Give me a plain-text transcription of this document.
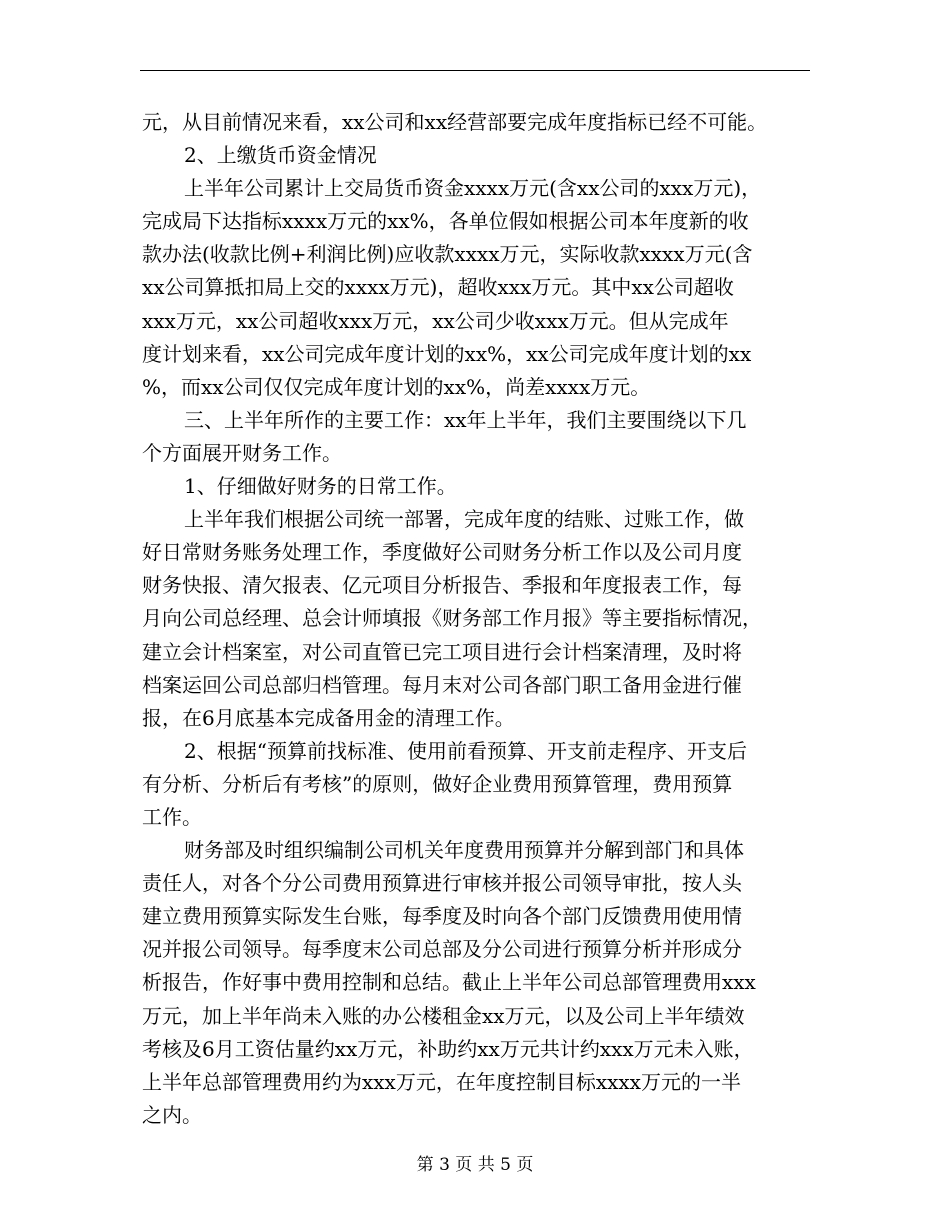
元，从目前情况来看，xx公司和xx经营部要完成年度指标已经不可能。
2、上缴货币资金情况
上半年公司累计上交局货币资金xxxx万元(含xx公司的xxx万元)，
完成局下达指标xxxx万元的xx%，各单位假如根据公司本年度新的收
款办法(收款比例+利润比例)应收款xxxx万元，实际收款xxxx万元(含
xx公司算抵扣局上交的xxxx万元)，超收xxx万元。其中xx公司超收
xxx万元，xx公司超收xxx万元，xx公司少收xxx万元。但从完成年
度计划来看，xx公司完成年度计划的xx%，xx公司完成年度计划的xx
%，而xx公司仅仅完成年度计划的xx%，尚差xxxx万元。
三、上半年所作的主要工作：xx年上半年，我们主要围绕以下几
个方面展开财务工作。
1、仔细做好财务的日常工作。
上半年我们根据公司统一部署，完成年度的结账、过账工作，做
好日常财务账务处理工作，季度做好公司财务分析工作以及公司月度
财务快报、清欠报表、亿元项目分析报告、季报和年度报表工作，每
月向公司总经理、总会计师填报《财务部工作月报》等主要指标情况，
建立会计档案室，对公司直管已完工项目进行会计档案清理，及时将
档案运回公司总部归档管理。每月末对公司各部门职工备用金进行催
报，在6月底基本完成备用金的清理工作。
2、根据“预算前找标准、使用前看预算、开支前走程序、开支后
有分析、分析后有考核”的原则，做好企业费用预算管理，费用预算
工作。
财务部及时组织编制公司机关年度费用预算并分解到部门和具体
责任人，对各个分公司费用预算进行审核并报公司领导审批，按人头
建立费用预算实际发生台账，每季度及时向各个部门反馈费用使用情
况并报公司领导。每季度末公司总部及分公司进行预算分析并形成分
析报告，作好事中费用控制和总结。截止上半年公司总部管理费用xxx
万元，加上半年尚未入账的办公楼租金xx万元，以及公司上半年绩效
考核及6月工资估量约xx万元，补助约xx万元共计约xxx万元未入账，
上半年总部管理费用约为xxx万元，在年度控制目标xxxx万元的一半
之内。
第 3 页 共 5 页
